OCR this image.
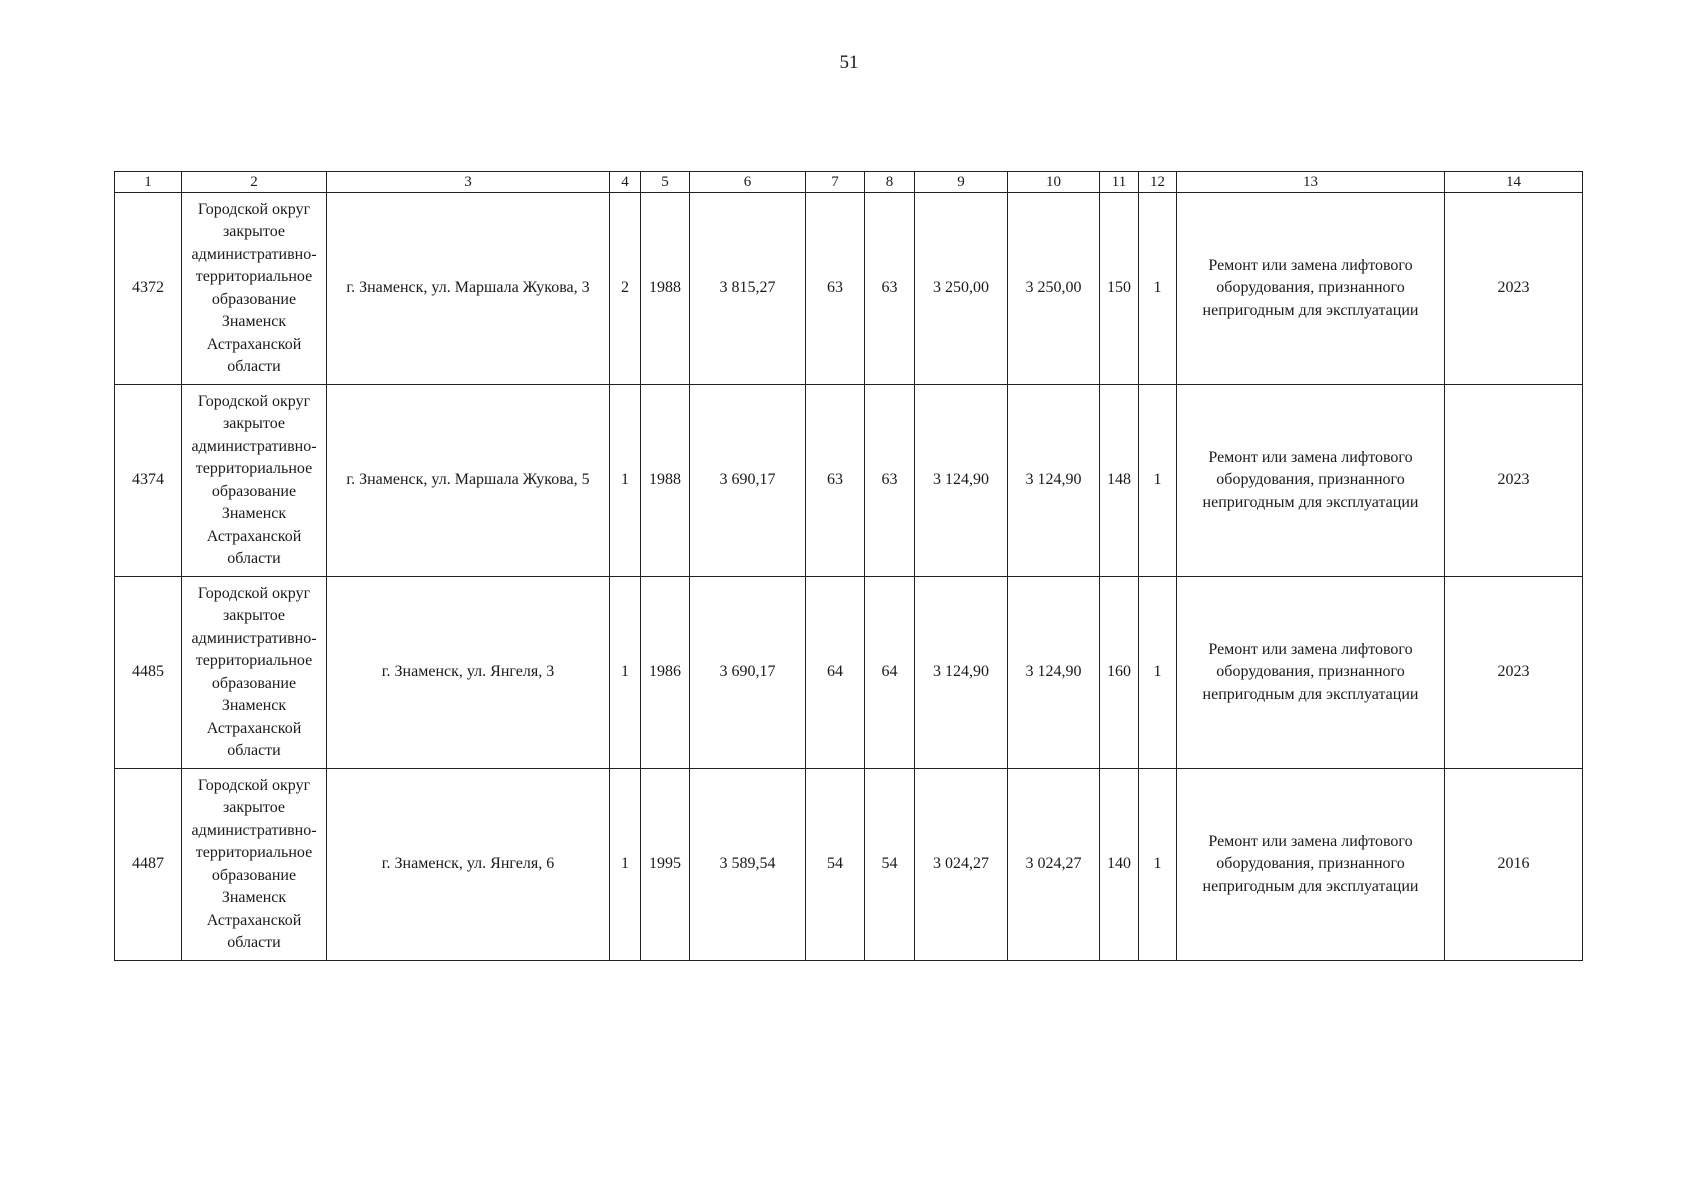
51
1	2	3	4	5	6	7	8	9	10	11	12	13	14
4372	Городской округ закрытое административно-территориальное образование Знаменск Астраханской области	г. Знаменск, ул. Маршала Жукова, 3	2	1988	3 815,27	63	63	3 250,00	3 250,00	150	1	Ремонт или замена лифтового оборудования, признанного непригодным для эксплуатации	2023
4374	Городской округ закрытое административно-территориальное образование Знаменск Астраханской области	г. Знаменск, ул. Маршала Жукова, 5	1	1988	3 690,17	63	63	3 124,90	3 124,90	148	1	Ремонт или замена лифтового оборудования, признанного непригодным для эксплуатации	2023
4485	Городской округ закрытое административно-территориальное образование Знаменск Астраханской области	г. Знаменск, ул. Янгеля, 3	1	1986	3 690,17	64	64	3 124,90	3 124,90	160	1	Ремонт или замена лифтового оборудования, признанного непригодным для эксплуатации	2023
4487	Городской округ закрытое административно-территориальное образование Знаменск Астраханской области	г. Знаменск, ул. Янгеля, 6	1	1995	3 589,54	54	54	3 024,27	3 024,27	140	1	Ремонт или замена лифтового оборудования, признанного непригодным для эксплуатации	2016
